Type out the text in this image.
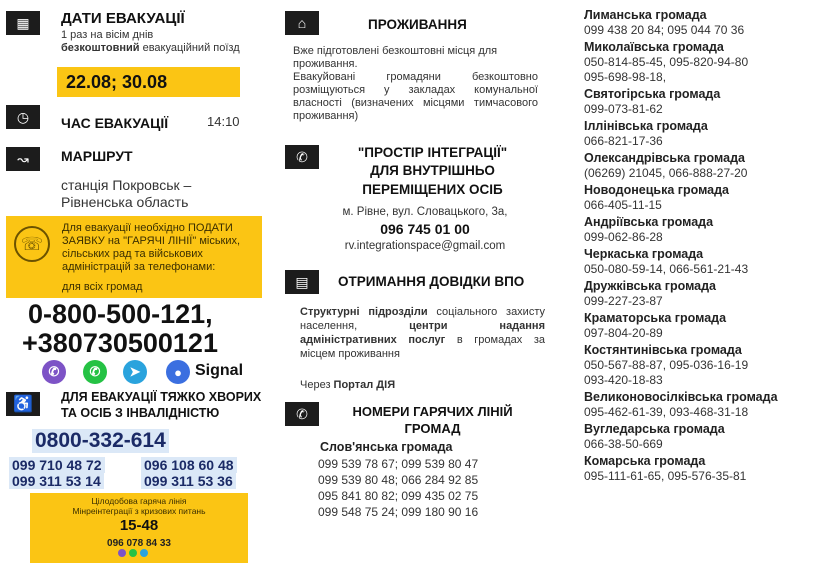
▦	ДАТИ ЕВАКУАЦІЇ
1 раз на вісім днів
безкоштовний евакуаційний поїзд
22.08; 30.08
◷	ЧАС ЕВАКУАЦІЇ	14:10
↝	МАРШРУТ
станція Покровськ –
Рівненська область
☏
Для евакуації необхідно ПОДАТИ ЗАЯВКУ на "ГАРЯЧІ ЛІНІЇ" міських, сільських рад та військових адміністрацій за телефонами:
для всіх громад
0-800-500-121,
+380730500121
✆	✆	➤	● Signal
♿	ДЛЯ ЕВАКУАЦІЇ ТЯЖКО ХВОРИХ
ТА ОСІБ З ІНВАЛІДНІСТЮ
0800-332-614
099 710 48 72	096 108 60 48
099 311 53 14	099 311 53 36
Цілодобова гаряча лінія
Мінреінтеграції з кризових питань
15-48
096 078 84 33
⌂	ПРОЖИВАННЯ
Вже підготовлені безкоштовні місця для проживання.
Евакуйовані громадяни безкоштовно розміщуються у закладах комунальної власності (визначених місцями тимчасового проживання)
✆	"ПРОСТІР ІНТЕГРАЦІЇ"
ДЛЯ ВНУТРІШНЬО
ПЕРЕМІЩЕНИХ ОСІБ
м. Рівне, вул. Словацького, 3а,
096 745 01 00
rv.integrationspace@gmail.com
▤	ОТРИМАННЯ ДОВІДКИ ВПО
Структурні підрозділи соціального захисту населення, центри надання адміністративних послуг в громадах за місцем проживання
Через Портал ДІЯ
✆	НОМЕРИ ГАРЯЧИХ ЛІНІЙ
ГРОМАД
Слов'янська громада
099 539 78 67; 099 539 80 47
099 539 80 48; 066 284 92 85
095 841 80 82; 099 435 02 75
099 548 75 24; 099 180 90 16
Лиманська громада
099 438 20 84; 095 044 70 36
Миколаївська громада
050-814-85-45, 095-820-94-80
095-698-98-18,
Святогірська громада
099-073-81-62
Іллінівська громада
066-821-17-36
Олександрівська громада
(06269) 21045, 066-888-27-20
Новодонецька громада
066-405-11-15
Андріївська громада
099-062-86-28
Черкаська громада
050-080-59-14, 066-561-21-43
Дружківська громада
099-227-23-87
Краматорська громада
097-804-20-89
Костянтинівська громада
050-567-88-87, 095-036-16-19
093-420-18-83
Великоновосілківська громада
095-462-61-39, 093-468-31-18
Вугледарська громада
066-38-50-669
Комарська громада
095-111-61-65, 095-576-35-81
